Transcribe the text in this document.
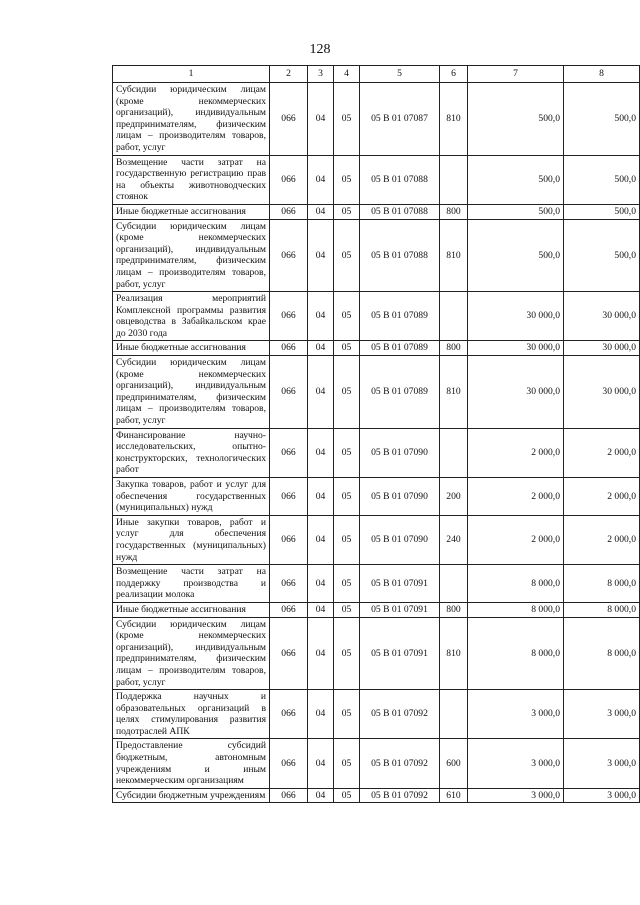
128
1	2	3	4	5	6	7	8
Субсидии юридическим лицам (кроме некоммерческих организаций), индивидуальным предпринимателям, физическим лицам – производителям товаров, работ, услуг	066	04	05	05 В 01 07087	810	500,0	500,0
Возмещение части затрат на государственную регистрацию прав на объекты животноводческих стоянок	066	04	05	05 В 01 07088		500,0	500,0
Иные бюджетные ассигнования	066	04	05	05 В 01 07088	800	500,0	500,0
Субсидии юридическим лицам (кроме некоммерческих организаций), индивидуальным предпринимателям, физическим лицам – производителям товаров, работ, услуг	066	04	05	05 В 01 07088	810	500,0	500,0
Реализация мероприятий Комплексной программы развития овцеводства в Забайкальском крае до 2030 года	066	04	05	05 В 01 07089		30 000,0	30 000,0
Иные бюджетные ассигнования	066	04	05	05 В 01 07089	800	30 000,0	30 000,0
Субсидии юридическим лицам (кроме некоммерческих организаций), индивидуальным предпринимателям, физическим лицам – производителям товаров, работ, услуг	066	04	05	05 В 01 07089	810	30 000,0	30 000,0
Финансирование научно-исследовательских, опытно-конструкторских, технологических работ	066	04	05	05 В 01 07090		2 000,0	2 000,0
Закупка товаров, работ и услуг для обеспечения государственных (муниципальных) нужд	066	04	05	05 В 01 07090	200	2 000,0	2 000,0
Иные закупки товаров, работ и услуг для обеспечения государственных (муниципальных) нужд	066	04	05	05 В 01 07090	240	2 000,0	2 000,0
Возмещение части затрат на поддержку производства и реализации молока	066	04	05	05 В 01 07091		8 000,0	8 000,0
Иные бюджетные ассигнования	066	04	05	05 В 01 07091	800	8 000,0	8 000,0
Субсидии юридическим лицам (кроме некоммерческих организаций), индивидуальным предпринимателям, физическим лицам – производителям товаров, работ, услуг	066	04	05	05 В 01 07091	810	8 000,0	8 000,0
Поддержка научных и образовательных организаций в целях стимулирования развития подотраслей АПК	066	04	05	05 В 01 07092		3 000,0	3 000,0
Предоставление субсидий бюджетным, автономным учреждениям и иным некоммерческим организациям	066	04	05	05 В 01 07092	600	3 000,0	3 000,0
Субсидии бюджетным учреждениям	066	04	05	05 В 01 07092	610	3 000,0	3 000,0
